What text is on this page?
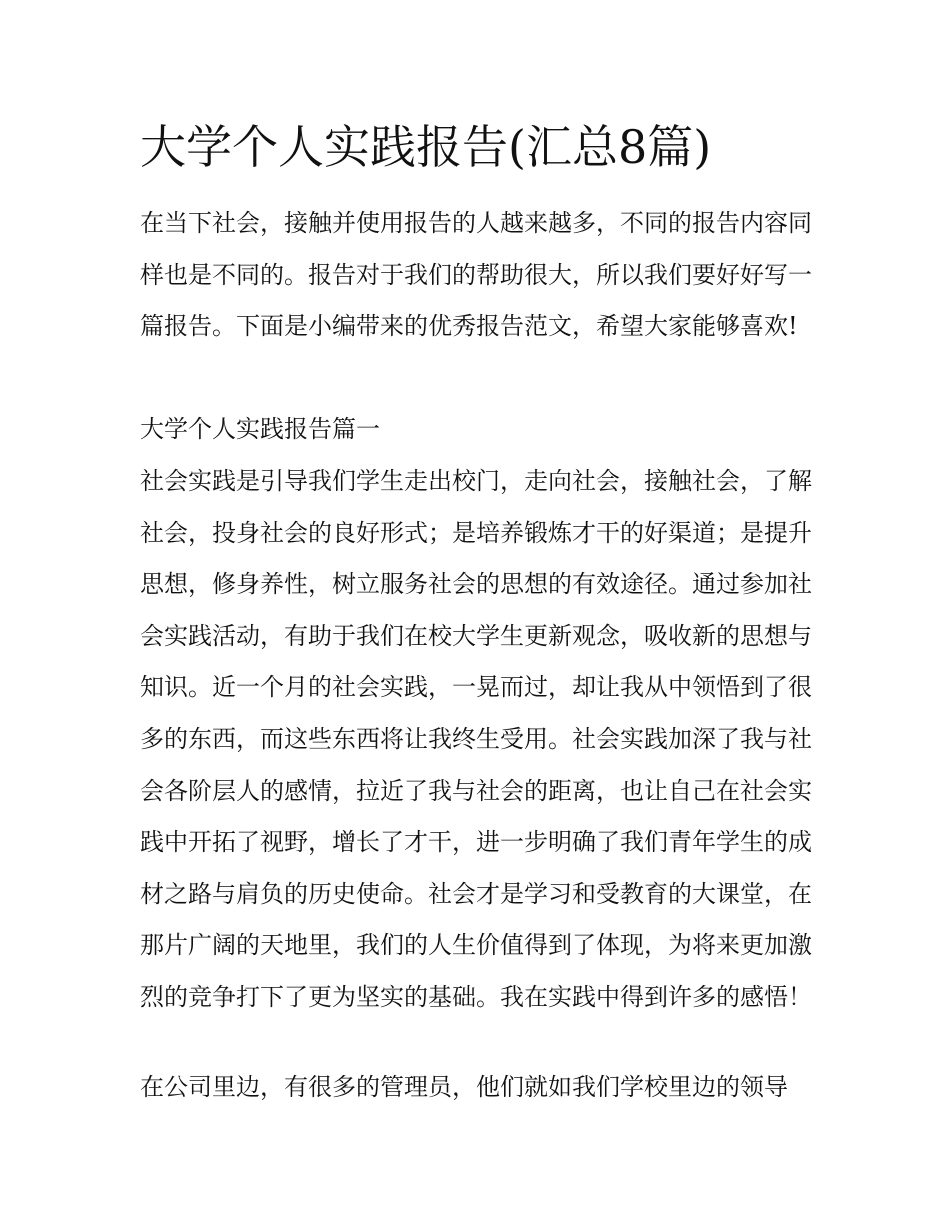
大学个人实践报告(汇总8篇)

在当下社会，接触并使用报告的人越来越多，不同的报告内容同样也是不同的。报告对于我们的帮助很大，所以我们要好好写一篇报告。下面是小编带来的优秀报告范文，希望大家能够喜欢!

大学个人实践报告篇一

社会实践是引导我们学生走出校门，走向社会，接触社会，了解社会，投身社会的良好形式；是培养锻炼才干的好渠道；是提升思想，修身养性，树立服务社会的思想的有效途径。通过参加社会实践活动，有助于我们在校大学生更新观念，吸收新的思想与知识。近一个月的社会实践，一晃而过，却让我从中领悟到了很多的东西，而这些东西将让我终生受用。社会实践加深了我与社会各阶层人的感情，拉近了我与社会的距离，也让自己在社会实践中开拓了视野，增长了才干，进一步明确了我们青年学生的成材之路与肩负的历史使命。社会才是学习和受教育的大课堂，在那片广阔的天地里，我们的人生价值得到了体现，为将来更加激烈的竞争打下了更为坚实的基础。我在实践中得到许多的感悟！

在公司里边，有很多的管理员，他们就如我们学校里边的领导
